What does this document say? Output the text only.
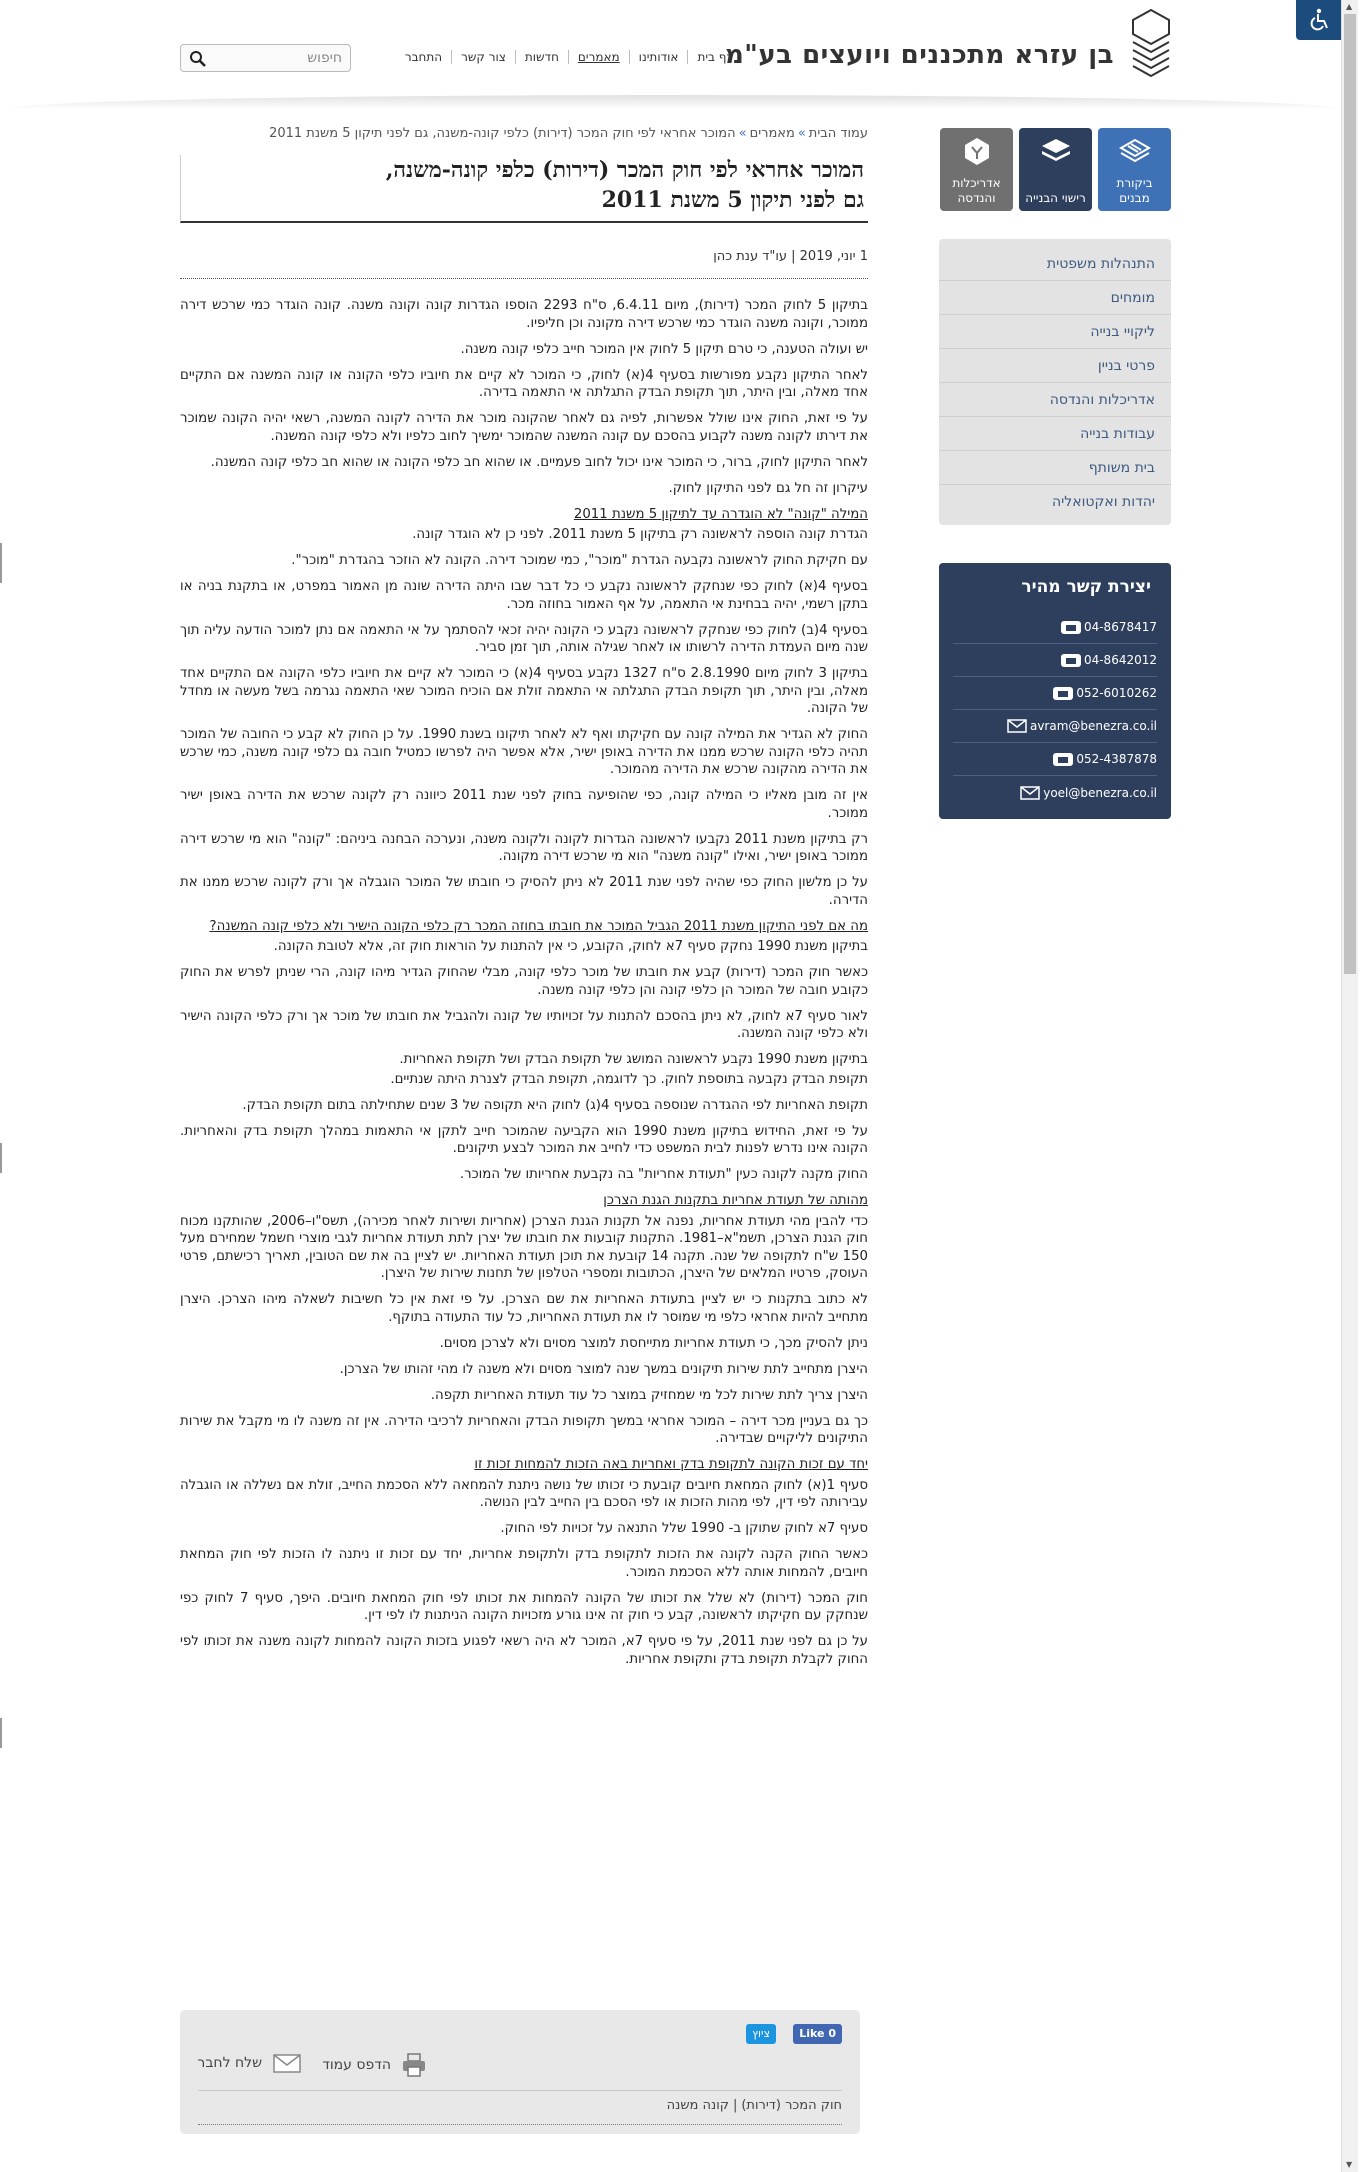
בן עזרא מתכננים ויועצים בע"מ
דף בית
אודותינו
מאמרים
חדשות
צור קשר
התחבר
חיפוש
▲
▼
ביקורת מבנים
רישוי הבנייה
אדריכלות והנדסה
התנהלות משפטית
מומחים
ליקויי בנייה
פרטי בניין
אדריכלות והנדסה
עבודות בנייה
בית משותף
יהדות ואקטואליה
יצירת קשר מהיר
04-8678417
04-8642012
052-6010262
avram@benezra.co.il
052-4387878
yoel@benezra.co.il
עמוד הבית»מאמרים»המוכר אחראי לפי חוק המכר (דירות) כלפי קונה-משנה, גם לפני תיקון 5 משנת 2011
המוכר אחראי לפי חוק המכר (דירות) כלפי קונה-משנה,
גם לפני תיקון 5 משנת 2011
1 יוני, 2019 | עו"ד ענת כהן

בתיקון 5 לחוק המכר (דירות), מיום 6.4.11, ס"ח 2293 הוספו הגדרות קונה וקונה משנה. קונה הוגדר כמי שרכש דירה ממוכר, וקונה משנה הוגדר כמי שרכש דירה מקונה וכן חליפיו.

יש ועולה הטענה, כי טרם תיקון 5 לחוק אין המוכר חייב כלפי קונה משנה.

לאחר התיקון נקבע מפורשות בסעיף 4(א) לחוק, כי המוכר לא קיים את חיוביו כלפי הקונה או קונה המשנה אם התקיים אחד מאלה, ובין היתר, תוך תקופת הבדק התגלתה אי התאמה בדירה.

על פי זאת, החוק אינו שולל אפשרות, לפיה גם לאחר שהקונה מוכר את הדירה לקונה המשנה, רשאי יהיה הקונה שמוכר את דירתו לקונה משנה לקבוע בהסכם עם קונה המשנה שהמוכר ימשיך לחוב כלפיו ולא כלפי קונה המשנה.

לאחר התיקון לחוק, ברור, כי המוכר אינו יכול לחוב פעמיים. או שהוא חב כלפי הקונה או שהוא חב כלפי קונה המשנה.

עיקרון זה חל גם לפני התיקון לחוק.

המילה "קונה" לא הוגדרה עד לתיקון 5 משנת 2011

הגדרת קונה הוספה לראשונה רק בתיקון 5 משנת 2011. לפני כן לא הוגדר קונה.

עם חקיקת החוק לראשונה נקבעה הגדרת "מוכר", כמי שמוכר דירה. הקונה לא הוזכר בהגדרת "מוכר".

בסעיף 4(א) לחוק כפי שנחקק לראשונה נקבע כי כל דבר שבו היתה הדירה שונה מן האמור במפרט, או בתקנת בניה או בתקן רשמי, יהיה בבחינת אי התאמה, על אף האמור בחוזה מכר.

בסעיף 4(ב) לחוק כפי שנחקק לראשונה נקבע כי הקונה יהיה זכאי להסתמך על אי התאמה אם נתן למוכר הודעה עליה תוך שנה מיום העמדת הדירה לרשותו או לאחר שגילה אותה, תוך זמן סביר.

בתיקון 3 לחוק מיום 2.8.1990 ס"ח 1327 נקבע בסעיף 4(א) כי המוכר לא קיים את חיוביו כלפי הקונה אם התקיים אחד מאלה, ובין היתר, תוך תקופת הבדק התגלתה אי התאמה זולת אם הוכיח המוכר שאי התאמה נגרמה בשל מעשה או מחדל של הקונה.

החוק לא הגדיר את המילה קונה עם חקיקתו ואף לא לאחר תיקונו בשנת 1990. על כן החוק לא קבע כי החובה של המוכר תהיה כלפי הקונה שרכש ממנו את הדירה באופן ישיר, אלא אפשר היה לפרשו כמטיל חובה גם כלפי קונה משנה, כמי שרכש את הדירה מהקונה שרכש את הדירה מהמוכר.

אין זה מובן מאליו כי המילה קונה, כפי שהופיעה בחוק לפני שנת 2011 כיוונה רק לקונה שרכש את הדירה באופן ישיר ממוכר.

רק בתיקון משנת 2011 נקבעו לראשונה הגדרות לקונה ולקונה משנה, ונערכה הבחנה ביניהם: "קונה" הוא מי שרכש דירה ממוכר באופן ישיר, ואילו "קונה משנה" הוא מי שרכש דירה מקונה.

על כן מלשון החוק כפי שהיה לפני שנת 2011 לא ניתן להסיק כי חובתו של המוכר הוגבלה אך ורק לקונה שרכש ממנו את הדירה.

מה אם לפני התיקון משנת 2011 הגביל המוכר את חובתו בחוזה המכר רק כלפי הקונה הישיר ולא כלפי קונה המשנה?

בתיקון משנת 1990 נחקק סעיף 7א לחוק, הקובע, כי אין להתנות על הוראות חוק זה, אלא לטובת הקונה.

כאשר חוק המכר (דירות) קבע את חובתו של מוכר כלפי קונה, מבלי שהחוק הגדיר מיהו קונה, הרי שניתן לפרש את החוק כקובע חובה של המוכר הן כלפי קונה והן כלפי קונה משנה.

לאור סעיף 7א לחוק, לא ניתן בהסכם להתנות על זכויותיו של קונה ולהגביל את חובתו של מוכר אך ורק כלפי הקונה הישיר ולא כלפי קונה המשנה.

בתיקון משנת 1990 נקבע לראשונה המושג של תקופת הבדק ושל תקופת האחריות.

תקופת הבדק נקבעה בתוספת לחוק. כך לדוגמה, תקופת הבדק לצנרת היתה שנתיים.

תקופת האחריות לפי ההגדרה שנוספה בסעיף 4(ג) לחוק היא תקופה של 3 שנים שתחילתה בתום תקופת הבדק.

על פי זאת, החידוש בתיקון משנת 1990 הוא הקביעה שהמוכר חייב לתקן אי התאמות במהלך תקופת בדק והאחריות. הקונה אינו נדרש לפנות לבית המשפט כדי לחייב את המוכר לבצע תיקונים.

החוק מקנה לקונה כעין "תעודת אחריות" בה נקבעת אחריותו של המוכר.

מהותה של תעודת אחריות בתקנות הגנת הצרכן

כדי להבין מהי תעודת אחריות, נפנה אל תקנות הגנת הצרכן (אחריות ושירות לאחר מכירה), תשס"ו–2006, שהותקנו מכוח חוק הגנת הצרכן, תשמ"א–1981. התקנות קובעות את חובתו של יצרן לתת תעודת אחריות לגבי מוצרי חשמל שמחירם מעל 150 ש"ח לתקופה של שנה. תקנה 14 קובעת את תוכן תעודת האחריות. יש לציין בה את שם הטובין, תאריך רכישתם, פרטי העוסק, פרטיו המלאים של היצרן, הכתובות ומספרי הטלפון של תחנות שירות של היצרן.

לא כתוב בתקנות כי יש לציין בתעודת האחריות את שם הצרכן. על פי זאת אין כל חשיבות לשאלה מיהו הצרכן. היצרן מתחייב להיות אחראי כלפי מי שמוסר לו את תעודת האחריות, כל עוד התעודה בתוקף.

ניתן להסיק מכך, כי תעודת אחריות מתייחסת למוצר מסוים ולא לצרכן מסוים.

היצרן מתחייב לתת שירות תיקונים במשך שנה למוצר מסוים ולא משנה לו מהי זהותו של הצרכן.

היצרן צריך לתת שירות לכל מי שמחזיק במוצר כל עוד תעודת האחריות תקפה.

כך גם בעניין מכר דירה – המוכר אחראי במשך תקופות הבדק והאחריות לרכיבי הדירה. אין זה משנה לו מי מקבל את שירות התיקונים לליקויים שבדירה.

יחד עם זכות הקונה לתקופת בדק ואחריות באה הזכות להמחות זכות זו

סעיף 1(א) לחוק המחאת חיובים קובעת כי זכותו של נושה ניתנת להמחאה ללא הסכמת החייב, זולת אם נשללה או הוגבלה עבירותה לפי דין, לפי מהות הזכות או לפי הסכם בין החייב לבין הנושה.

סעיף 7א לחוק שתוקן ב- 1990 שלל התנאה על זכויות לפי החוק.

כאשר החוק הקנה לקונה את הזכות לתקופת בדק ולתקופת אחריות, יחד עם זכות זו ניתנה לו הזכות לפי חוק המחאת חיובים, להמחות אותה ללא הסכמת המוכר.

חוק המכר (דירות) לא שלל את זכותו של הקונה להמחות את זכותו לפי חוק המחאת חיובים. היפך, סעיף 7 לחוק כפי שנחקק עם חקיקתו לראשונה, קבע כי חוק זה אינו גורע מזכויות הקונה הניתנות לו לפי דין.

על כן גם לפני שנת 2011, על פי סעיף 7א, המוכר לא היה רשאי לפגוע בזכות הקונה להמחות לקונה משנה את זכותו לפי החוק לקבלת תקופת בדק ותקופת אחריות.

Like 0
ציוץ
הדפס עמוד
שלח לחבר
חוק המכר (דירות)|קונה משנה
